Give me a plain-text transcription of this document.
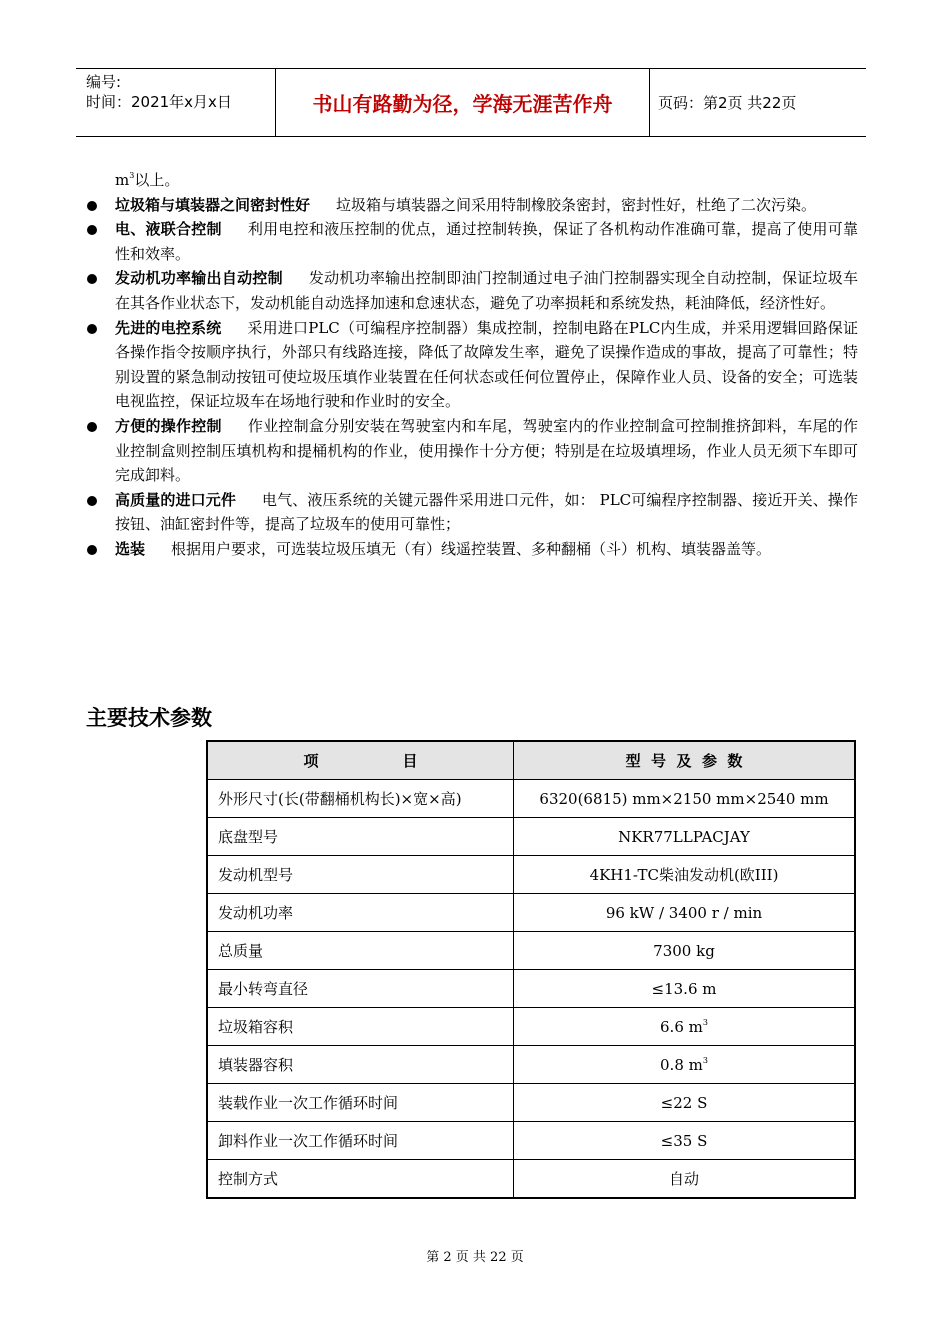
编号:
时间：2021年x月x日	书山有路勤为径，学海无涯苦作舟	页码：第2页 共22页
$m^3$以上。
垃圾箱与填装器之间密封性好 垃圾箱与填装器之间采用特制橡胶条密封，密封性好，杜绝了二次污染。
电、液联合控制 利用电控和液压控制的优点，通过控制转换，保证了各机构动作准确可靠，提高了使用可靠性和效率。
发动机功率输出自动控制 发动机功率输出控制即油门控制通过电子油门控制器实现全自动控制，保证垃圾车在其各作业状态下，发动机能自动选择加速和怠速状态，避免了功率损耗和系统发热，耗油降低，经济性好。
先进的电控系统 采用进口PLC（可编程序控制器）集成控制，控制电路在PLC内生成，并采用逻辑回路保证各操作指令按顺序执行，外部只有线路连接，降低了故障发生率，避免了误操作造成的事故，提高了可靠性；特别设置的紧急制动按钮可使垃圾压填作业装置在任何状态或任何位置停止，保障作业人员、设备的安全；可选装电视监控，保证垃圾车在场地行驶和作业时的安全。
方便的操作控制 作业控制盒分别安装在驾驶室内和车尾，驾驶室内的作业控制盒可控制推挤卸料，车尾的作业控制盒则控制压填机构和提桶机构的作业，使用操作十分方便；特别是在垃圾填埋场，作业人员无须下车即可完成卸料。
高质量的进口元件 电气、液压系统的关键元器件采用进口元件，如： PLC可编程序控制器、接近开关、操作按钮、油缸密封件等，提高了垃圾车的使用可靠性；
选装 根据用户要求，可选装垃圾压填无（有）线遥控装置、多种翻桶（斗）机构、填装器盖等。
主要技术参数
项 目	型  号  及  参  数
外形尺寸(长(带翻桶机构长)×宽×高)	6320(6815) mm×2150 mm×2540 mm
底盘型号	NKR77LLPACJAY
发动机型号	4KH1-TC柴油发动机(欧III)
发动机功率	96 kW / 3400 r / min
总质量	7300 kg
最小转弯直径	≤13.6 m
垃圾箱容积	6.6 $m^3$
填装器容积	0.8 $m^3$
装载作业一次工作循环时间	≤22 S
卸料作业一次工作循环时间	≤35 S
控制方式	自动
第 2 页 共 22 页
